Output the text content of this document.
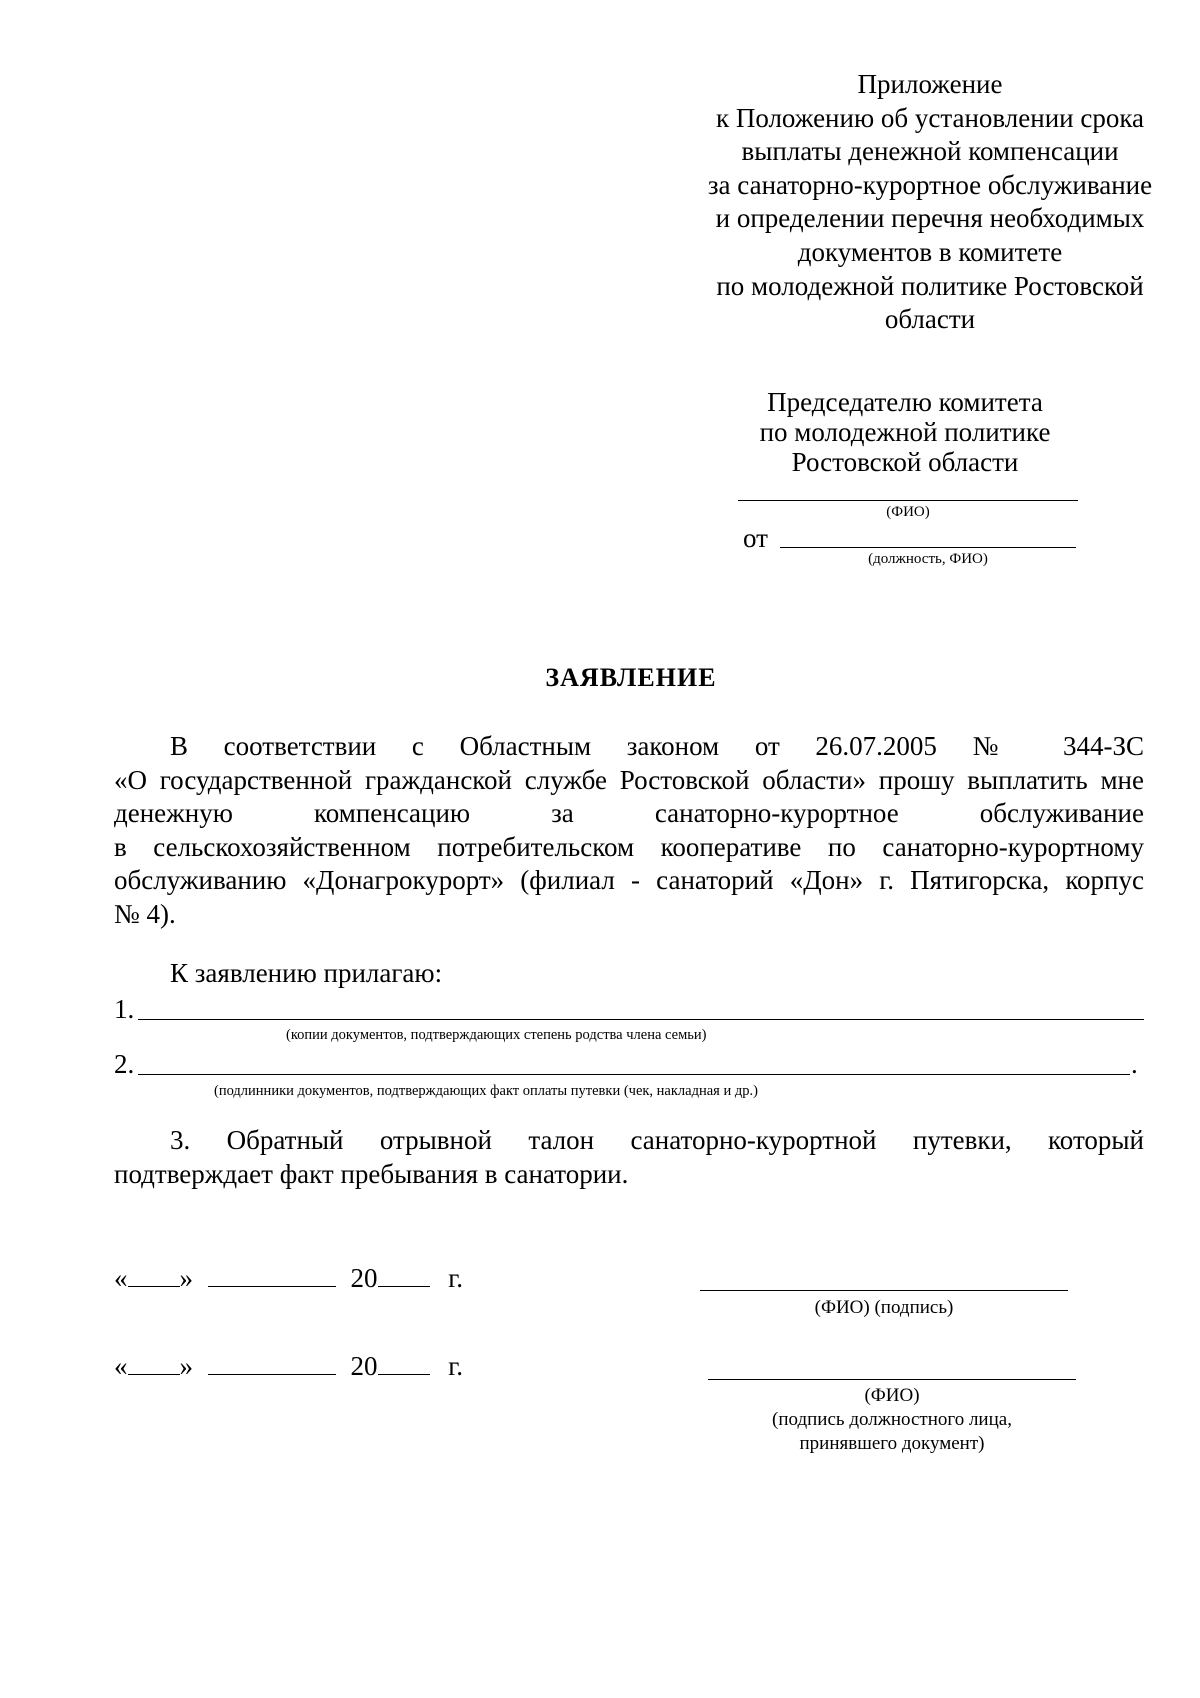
Приложение
к Положению об установлении срока
выплаты денежной компенсации
за санаторно-курортное обслуживание
и определении перечня необходимых
документов в комитете
по молодежной политике Ростовской
области
Председателю комитета
по молодежной политике
Ростовской области
(ФИО)
от
(должность, ФИО)
ЗАЯВЛЕНИЕ
В соответствии с Областным законом от 26.07.2005 № 344-ЗС
«О государственной гражданской службе Ростовской области» прошу выплатить мне
денежную компенсацию за санаторно-курортное обслуживание
в сельскохозяйственном потребительском кооперативе по санаторно-курортному
обслуживанию «Донагрокурорт» (филиал - санаторий «Дон» г. Пятигорска, корпус
№ 4).
К заявлению прилагаю:
1.
(копии документов, подтверждающих степень родства члена семьи)
2.	.
(подлинники документов, подтверждающих факт оплаты путевки (чек, накладная и др.)
3. Обратный отрывной талон санаторно-курортной путевки, который
подтверждает факт пребывания в санатории.
« »	20	г.
(ФИО) (подпись)
« »	20	г.
(ФИО)
(подпись должностного лица,
принявшего документ)
